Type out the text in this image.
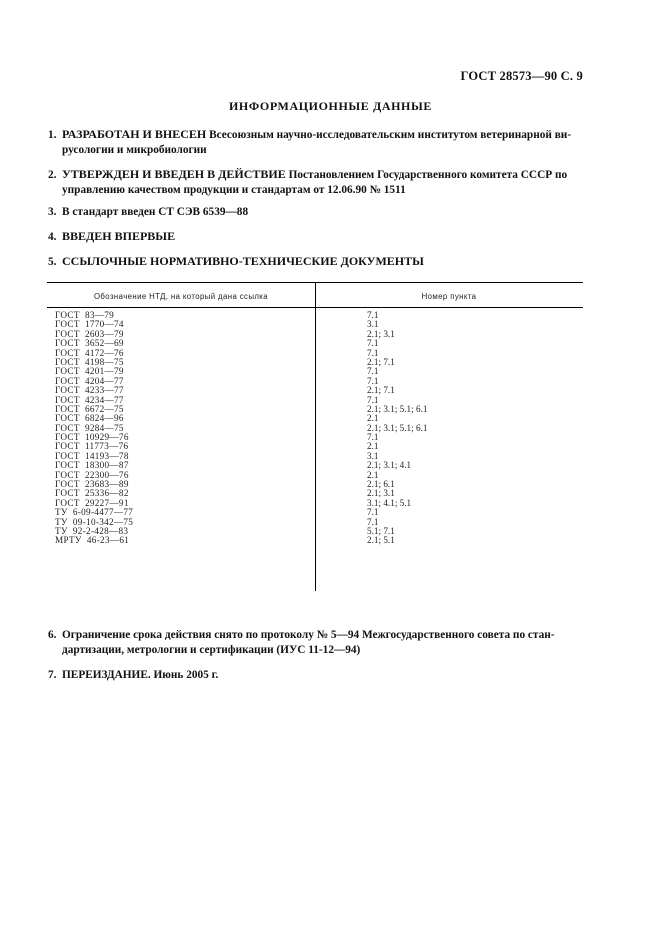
ГОСТ 28573—90 С. 9
ИНФОРМАЦИОННЫЕ ДАННЫЕ
1. РАЗРАБОТАН И ВНЕСЕН Всесоюзным научно-исследовательским институтом ветеринарной ви-
русологии и микробиологии
2. УТВЕРЖДЕН И ВВЕДЕН В ДЕЙСТВИЕ Постановлением Государственного комитета СССР по
управлению качеством продукции и стандартам от 12.06.90 № 1511
3. В стандарт введен СТ СЭВ 6539—88
4. ВВЕДЕН ВПЕРВЫЕ
5. ССЫЛОЧНЫЕ НОРМАТИВНО-ТЕХНИЧЕСКИЕ ДОКУМЕНТЫ
Обозначение НТД, на который дана ссылка	Номер пункта
ГОСТ  83—79	7.1
ГОСТ  1770—74	3.1
ГОСТ  2603—79	2.1; 3.1
ГОСТ  3652—69	7.1
ГОСТ  4172—76	7.1
ГОСТ  4198—75	2.1; 7.1
ГОСТ  4201—79	7.1
ГОСТ  4204—77	7.1
ГОСТ  4233—77	2.1; 7.1
ГОСТ  4234—77	7.1
ГОСТ  6672—75	2.1; 3.1; 5.1; 6.1
ГОСТ  6824—96	2.1
ГОСТ  9284—75	2.1; 3.1; 5.1; 6.1
ГОСТ  10929—76	7.1
ГОСТ  11773—76	2.1
ГОСТ  14193—78	3.1
ГОСТ  18300—87	2.1; 3.1; 4.1
ГОСТ  22300—76	2.1
ГОСТ  23683—89	2.1; 6.1
ГОСТ  25336—82	2.1; 3.1
ГОСТ  29227—91	3.1; 4.1; 5.1
ТУ  6-09-4477—77	7.1
ТУ  09-10-342—75	7.1
ТУ  92-2-428—83	5.1; 7.1
МРТУ  46-23—61	2.1; 5.1
6. Ограничение срока действия снято по протоколу № 5—94 Межгосударственного совета по стан-
дартизации, метрологии и сертификации (ИУС 11-12—94)
7. ПЕРЕИЗДАНИЕ. Июнь 2005 г.
